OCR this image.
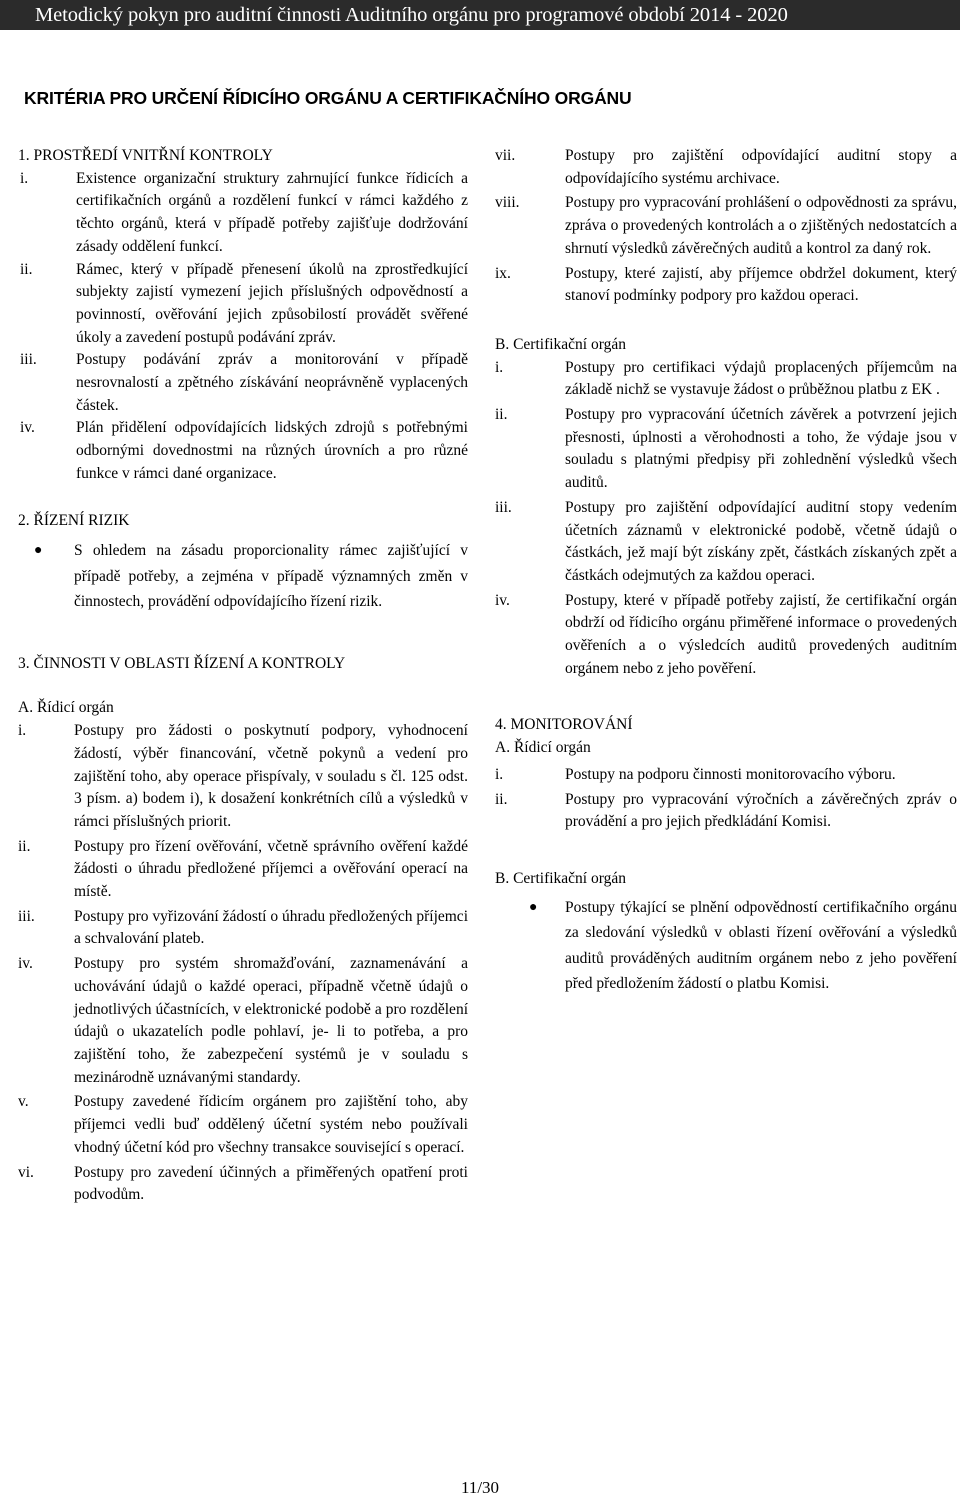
Metodický pokyn pro auditní činnosti Auditního orgánu pro programové období 2014 - 2020
KRITÉRIA PRO URČENÍ ŘÍDICÍHO ORGÁNU A CERTIFIKAČNÍHO ORGÁNU
1. PROSTŘEDÍ VNITŘNÍ KONTROLY
i.	Existence organizační struktury zahrnující funkce řídicích a certifikačních orgánů a rozdělení funkcí v rámci každého z těchto orgánů, která v případě potřeby zajišťuje dodržování zásady oddělení funkcí.
ii.	Rámec, který v případě přenesení úkolů na zprostředkující subjekty zajistí vymezení jejich příslušných odpovědností a povinností, ověřování jejich způsobilostí provádět svěřené úkoly a zavedení postupů podávání zpráv.
iii.	Postupy podávání zpráv a monitorování v případě nesrovnalostí a zpětného získávání neoprávněně vyplacených částek.
iv.	Plán přidělení odpovídajících lidských zdrojů s potřebnými odbornými dovednostmi na různých úrovních a pro různé funkce v rámci dané organizace.
2. ŘÍZENÍ RIZIK
●	S ohledem na zásadu proporcionality rámec zajišťující v případě potřeby, a zejména v případě významných změn v činnostech, provádění odpovídajícího řízení rizik.
3. ČINNOSTI V OBLASTI ŘÍZENÍ A KONTROLY
A. Řídicí orgán
i.	Postupy pro žádosti o poskytnutí podpory, vyhodnocení žádostí, výběr financování, včetně pokynů a vedení pro zajištění toho, aby operace přispívaly, v souladu s čl. 125 odst. 3 písm. a) bodem i), k dosažení konkrétních cílů a výsledků v rámci příslušných priorit.
ii.	Postupy pro řízení ověřování, včetně správního ověření každé žádosti o úhradu předložené příjemci a ověřování operací na místě.
iii.	Postupy pro vyřizování žádostí o úhradu předložených příjemci a schvalování plateb.
iv.	Postupy pro systém shromažďování, zaznamenávání a uchovávání údajů o každé operaci, případně včetně údajů o jednotlivých účastnících, v elektronické podobě a pro rozdělení údajů o ukazatelích podle pohlaví, je- li to potřeba, a pro zajištění toho, že zabezpečení systémů je v souladu s mezinárodně uznávanými standardy.
v.	Postupy zavedené řídicím orgánem pro zajištění toho, aby příjemci vedli buď oddělený účetní systém nebo používali vhodný účetní kód pro všechny transakce související s operací.
vi.	Postupy pro zavedení účinných a přiměřených opatření proti podvodům.
vii.	Postupy pro zajištění odpovídající auditní stopy a odpovídajícího systému archivace.
viii.	Postupy pro vypracování prohlášení o odpovědnosti za správu, zpráva o provedených kontrolách a o zjištěných nedostatcích a shrnutí výsledků závěrečných auditů a kontrol za daný rok.
ix.	Postupy, které zajistí, aby příjemce obdržel dokument, který stanoví podmínky podpory pro každou operaci.
B. Certifikační orgán
i.	Postupy pro certifikaci výdajů proplacených příjemcům na základě nichž se vystavuje žádost o průběžnou platbu z EK .
ii.	Postupy pro vypracování účetních závěrek a potvrzení jejich přesnosti, úplnosti a věrohodnosti a toho, že výdaje jsou v souladu s platnými předpisy při zohlednění výsledků všech auditů.
iii.	Postupy pro zajištění odpovídající auditní stopy vedením účetních záznamů v elektronické podobě, včetně údajů o částkách, jež mají být získány zpět, částkách získaných zpět a částkách odejmutých za každou operaci.
iv.	Postupy, které v případě potřeby zajistí, že certifikační orgán obdrží od řídicího orgánu přiměřené informace o provedených ověřeních a o výsledcích auditů provedených auditním orgánem nebo z jeho pověření.
4. MONITOROVÁNÍ
A. Řídicí orgán
i.	Postupy na podporu činnosti monitorovacího výboru.
ii.	Postupy pro vypracování výročních a závěrečných zpráv o provádění a pro jejich předkládání Komisi.
B. Certifikační orgán
●	Postupy týkající se plnění odpovědností certifikačního orgánu za sledování výsledků v oblasti řízení ověřování a výsledků auditů prováděných auditním orgánem nebo z jeho pověření před předložením žádostí o platbu Komisi.
11/30
